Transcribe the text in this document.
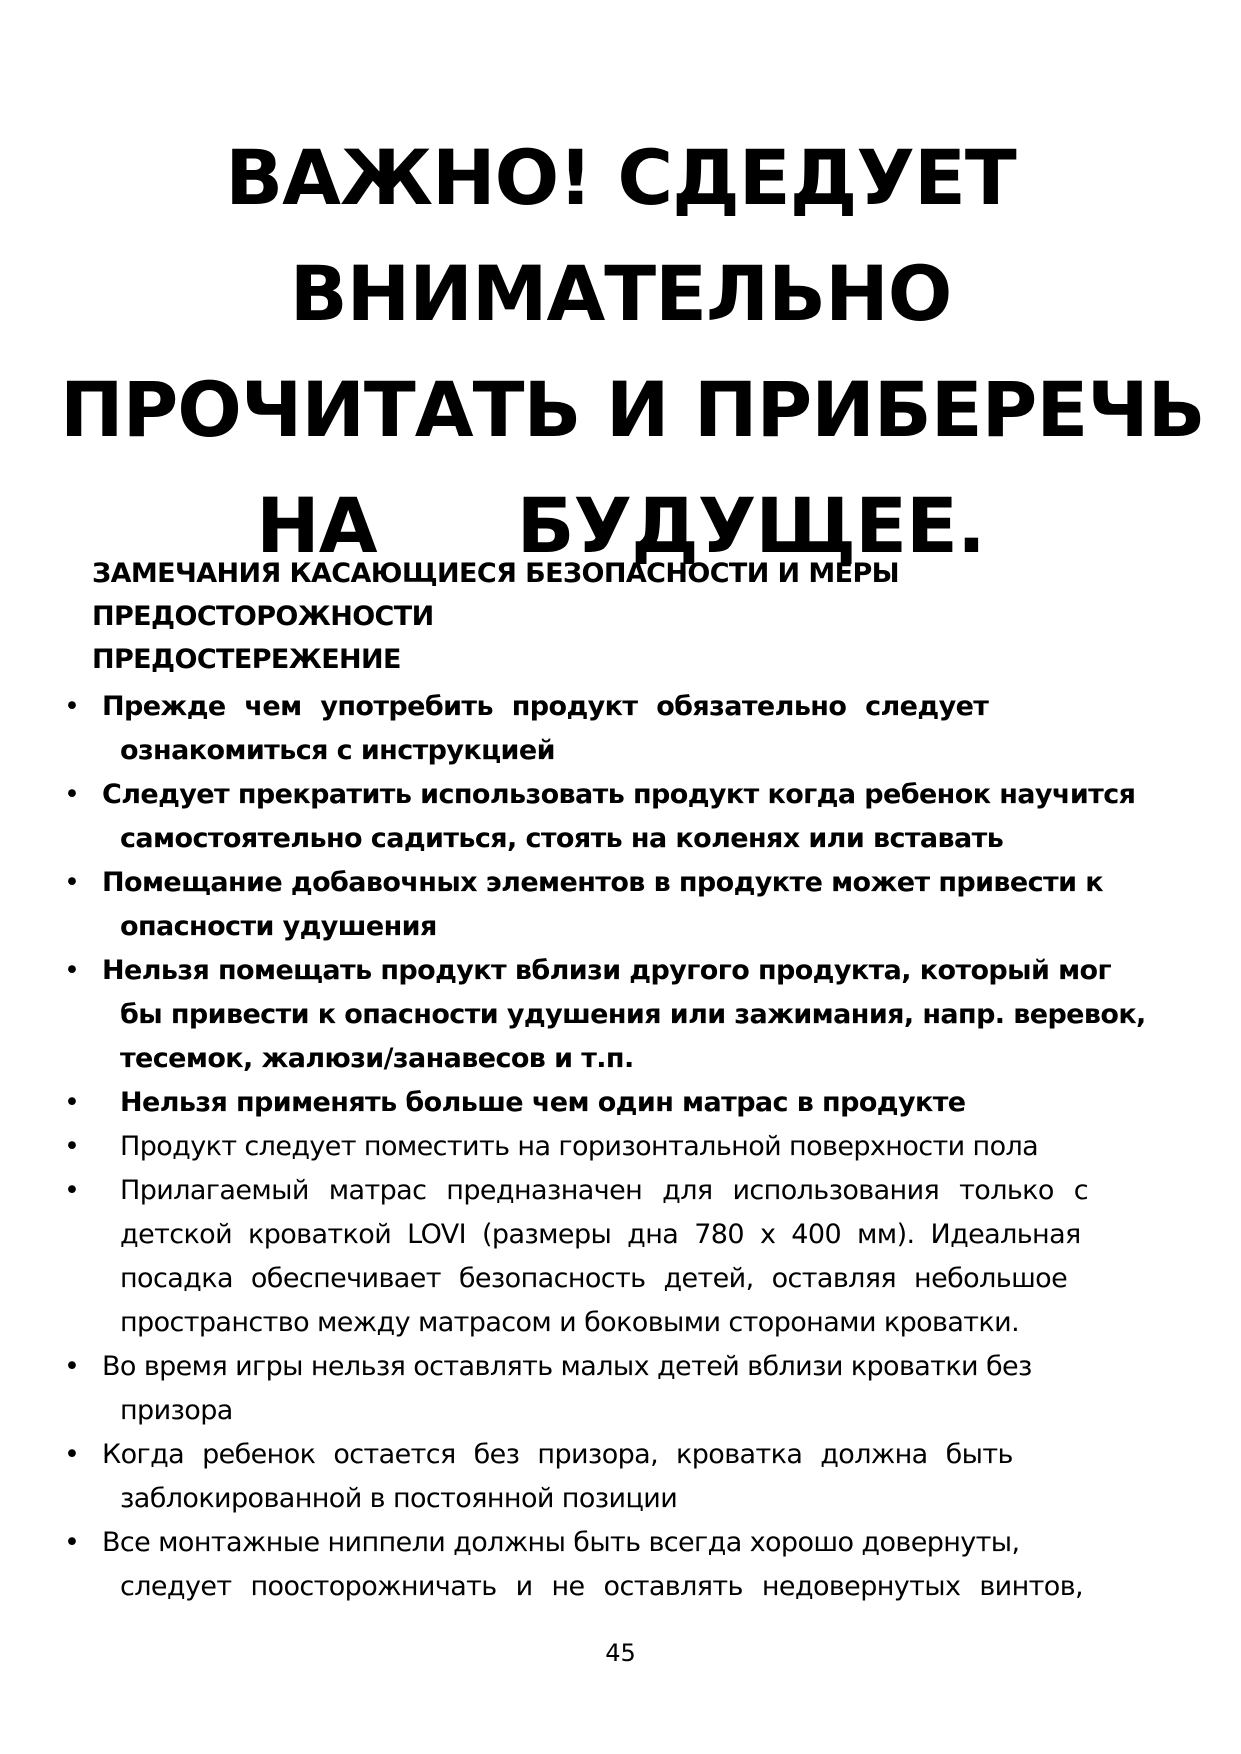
ВАЖНО! СДЕДУЕТ
ВНИМАТЕЛЬНО
ПРОЧИТАТЬ И ПРИБЕРЕЧЬ
НА БУДУЩЕЕ.
ЗАМЕЧАНИЯ КАСАЮЩИЕСЯ БЕЗОПАСНОСТИ И МЕРЫ
ПРЕДОСТОРОЖНОСТИ
ПРЕДОСТЕРЕЖЕНИЕ
• Прежде чем употребить продукт обязательно следует
ознакомиться с инструкцией
• Следует прекратить использовать продукт когда ребенок научится
самостоятельно садиться, стоять на коленях или вставать
• Помещание добавочных элементов в продукте может привести к
опасности удушения
• Нельзя помещать продукт вблизи другого продукта, который мог
бы привести к опасности удушения или зажимания, напр. веревок,
тесемок, жалюзи/занавесов и т.п.
• Нельзя применять больше чем один матрас в продукте
• Продукт следует поместить на горизонтальной поверхности пола
• Прилагаемый матрас предназначен для использования только с
детской кроваткой LOVI (размеры дна 780 x 400 мм). Идеальная
посадка обеспечивает безопасность детей, оставляя небольшое
пространство между матрасом и боковыми сторонами кроватки.
• Во время игры нельзя оставлять малых детей вблизи кроватки без
призора
• Когда ребенок остается без призора, кроватка должна быть
заблокированной в постоянной позиции
• Все монтажные ниппели должны быть всегда хорошо довернуты,
следует поосторожничать и не оставлять недовернутых винтов,
45
